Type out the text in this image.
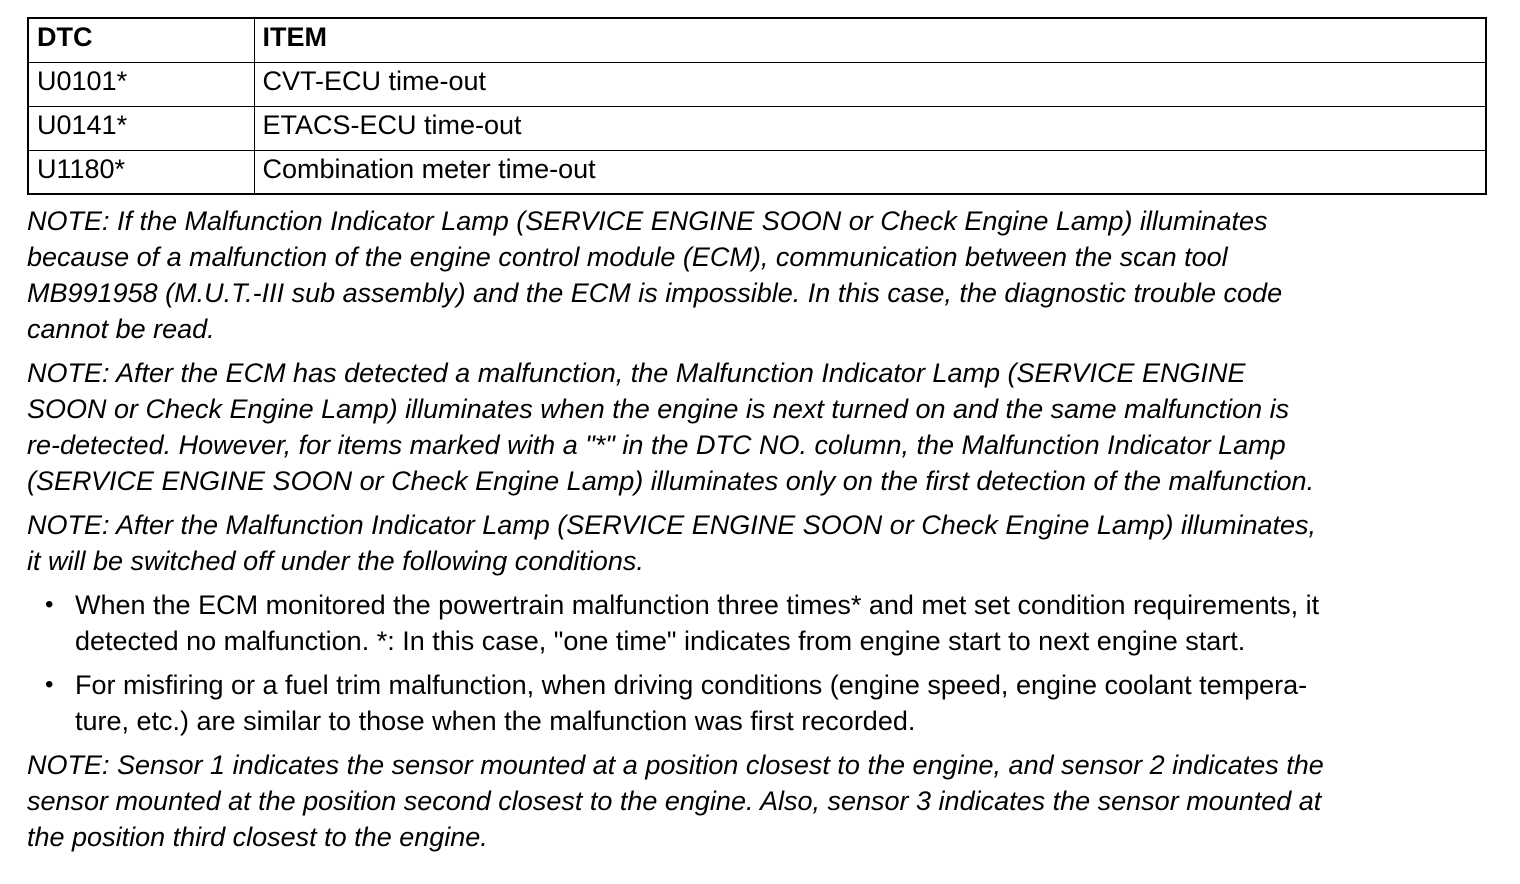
DTC	ITEM
U0101*	CVT-ECU time-out
U0141*	ETACS-ECU time-out
U1180*	Combination meter time-out

NOTE: If the Malfunction Indicator Lamp (SERVICE ENGINE SOON or Check Engine Lamp) illuminates
because of a malfunction of the engine control module (ECM), communication between the scan tool
MB991958 (M.U.T.-III sub assembly) and the ECM is impossible. In this case, the diagnostic trouble code
cannot be read.

NOTE: After the ECM has detected a malfunction, the Malfunction Indicator Lamp (SERVICE ENGINE
SOON or Check Engine Lamp) illuminates when the engine is next turned on and the same malfunction is
re-detected. However, for items marked with a "*" in the DTC NO. column, the Malfunction Indicator Lamp
(SERVICE ENGINE SOON or Check Engine Lamp) illuminates only on the first detection of the malfunction.

NOTE: After the Malfunction Indicator Lamp (SERVICE ENGINE SOON or Check Engine Lamp) illuminates,
it will be switched off under the following conditions.

• When the ECM monitored the powertrain malfunction three times* and met set condition requirements, it
detected no malfunction. *: In this case, "one time" indicates from engine start to next engine start.
• For misfiring or a fuel trim malfunction, when driving conditions (engine speed, engine coolant tempera-
ture, etc.) are similar to those when the malfunction was first recorded.

NOTE: Sensor 1 indicates the sensor mounted at a position closest to the engine, and sensor 2 indicates the
sensor mounted at the position second closest to the engine. Also, sensor 3 indicates the sensor mounted at
the position third closest to the engine.
